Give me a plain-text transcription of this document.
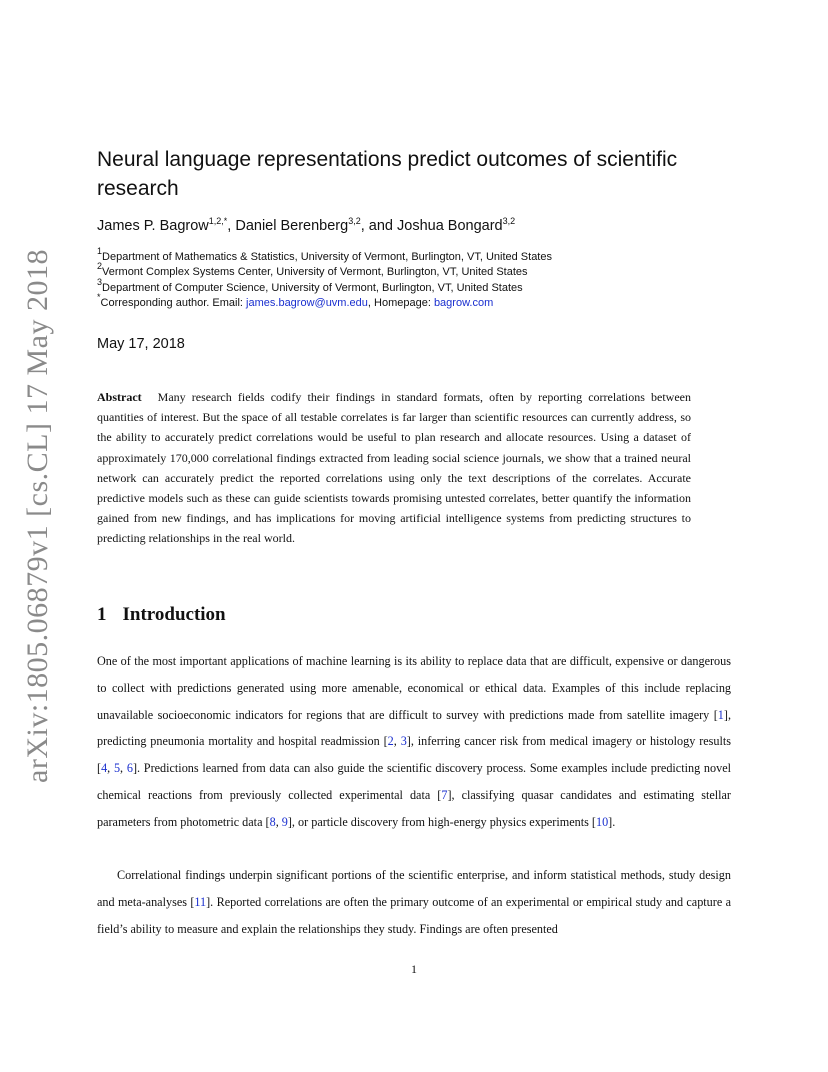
arXiv:1805.06879v1 [cs.CL] 17 May 2018
Neural language representations predict outcomes of scientific research
James P. Bagrow$^{1,2,*}$, Daniel Berenberg$^{3,2}$, and Joshua Bongard$^{3,2}$
$^1$Department of Mathematics & Statistics, University of Vermont, Burlington, VT, United States
$^2$Vermont Complex Systems Center, University of Vermont, Burlington, VT, United States
$^3$Department of Computer Science, University of Vermont, Burlington, VT, United States
*Corresponding author. Email: james.bagrow@uvm.edu, Homepage: bagrow.com
May 17, 2018

Abstract Many research fields codify their findings in standard formats, often by reporting correlations between quantities of interest. But the space of all testable correlates is far larger than scientific resources can currently address, so the ability to accurately predict correlations would be useful to plan research and allocate resources. Using a dataset of approximately 170,000 correlational findings extracted from leading social science journals, we show that a trained neural network can accurately predict the reported correlations using only the text descriptions of the correlates. Accurate predictive models such as these can guide scientists towards promising untested correlates, better quantify the information gained from new findings, and has implications for moving artificial intelligence systems from predicting structures to predicting relationships in the real world.

1 Introduction

One of the most important applications of machine learning is its ability to replace data that are difficult, expensive or dangerous to collect with predictions generated using more amenable, economical or ethical data. Examples of this include replacing unavailable socioeconomic indicators for regions that are difficult to survey with predictions made from satellite imagery [1], predicting pneumonia mortality and hospital readmission [2, 3], inferring cancer risk from medical imagery or histology results [4, 5, 6]. Predictions learned from data can also guide the scientific discovery process. Some examples include predicting novel chemical reactions from previously collected experimental data [7], classifying quasar candidates and estimating stellar parameters from photometric data [8, 9], or particle discovery from high-energy physics experiments [10].

Correlational findings underpin significant portions of the scientific enterprise, and inform statistical methods, study design and meta-analyses [11]. Reported correlations are often the primary outcome of an experimental or empirical study and capture a field’s ability to measure and explain the relationships they study. Findings are often presented

1
